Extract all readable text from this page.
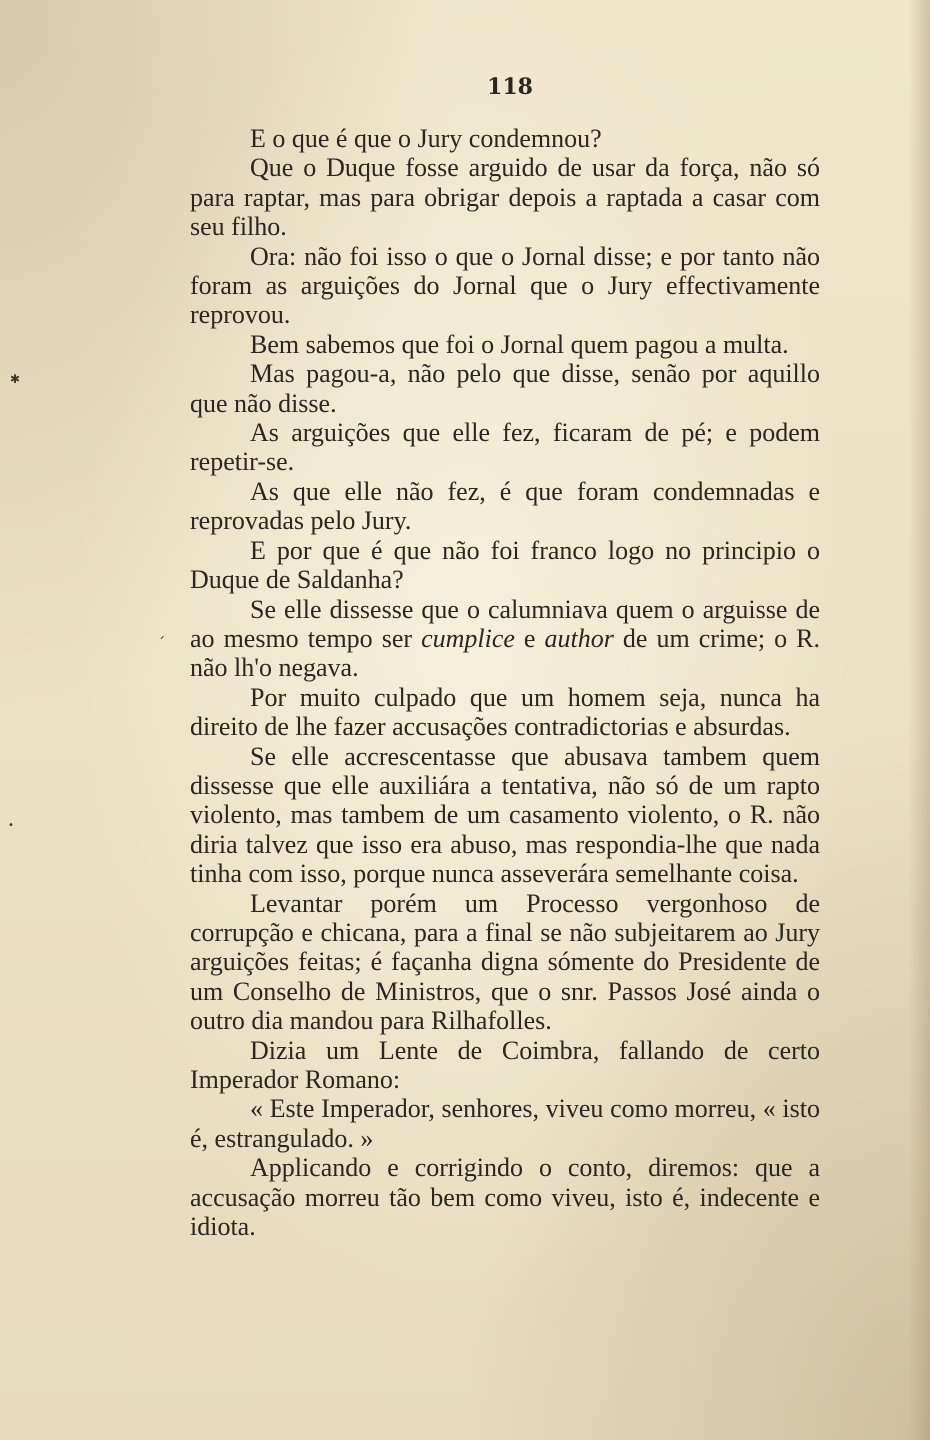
118

E o que é que o Jury condemnou?

Que o Duque fosse arguido de usar da força, não só para raptar, mas para obrigar depois a raptada a casar com seu filho.

Ora: não foi isso o que o Jornal disse; e por tanto não foram as arguições do Jornal que o Jury effectivamente reprovou.

Bem sabemos que foi o Jornal quem pagou a multa.

Mas pagou-a, não pelo que disse, senão por aquillo que não disse.

As arguições que elle fez, ficaram de pé; e podem repetir-se.

As que elle não fez, é que foram condemnadas e reprovadas pelo Jury.

E por que é que não foi franco logo no principio o Duque de Saldanha?

Se elle dissesse que o calumniava quem o arguisse de ao mesmo tempo ser cumplice e author de um crime; o R. não lh'o negava.

Por muito culpado que um homem seja, nunca ha direito de lhe fazer accusações contradictorias e absurdas.

Se elle accrescentasse que abusava tambem quem dissesse que elle auxiliára a tentativa, não só de um rapto violento, mas tambem de um casamento violento, o R. não diria talvez que isso era abuso, mas respondia-lhe que nada tinha com isso, porque nunca asseverára semelhante coisa.

Levantar porém um Processo vergonhoso de corrupção e chicana, para a final se não subjeitarem ao Jury arguições feitas; é façanha digna sómente do Presidente de um Conselho de Ministros, que o snr. Passos José ainda o outro dia mandou para Rilhafolles.

Dizia um Lente de Coimbra, fallando de certo Imperador Romano:

« Este Imperador, senhores, viveu como morreu, « isto é, estrangulado. »

Applicando e corrigindo o conto, diremos: que a accusação morreu tão bem como viveu, isto é, indecente e idiota.

✱
•
ˊ
